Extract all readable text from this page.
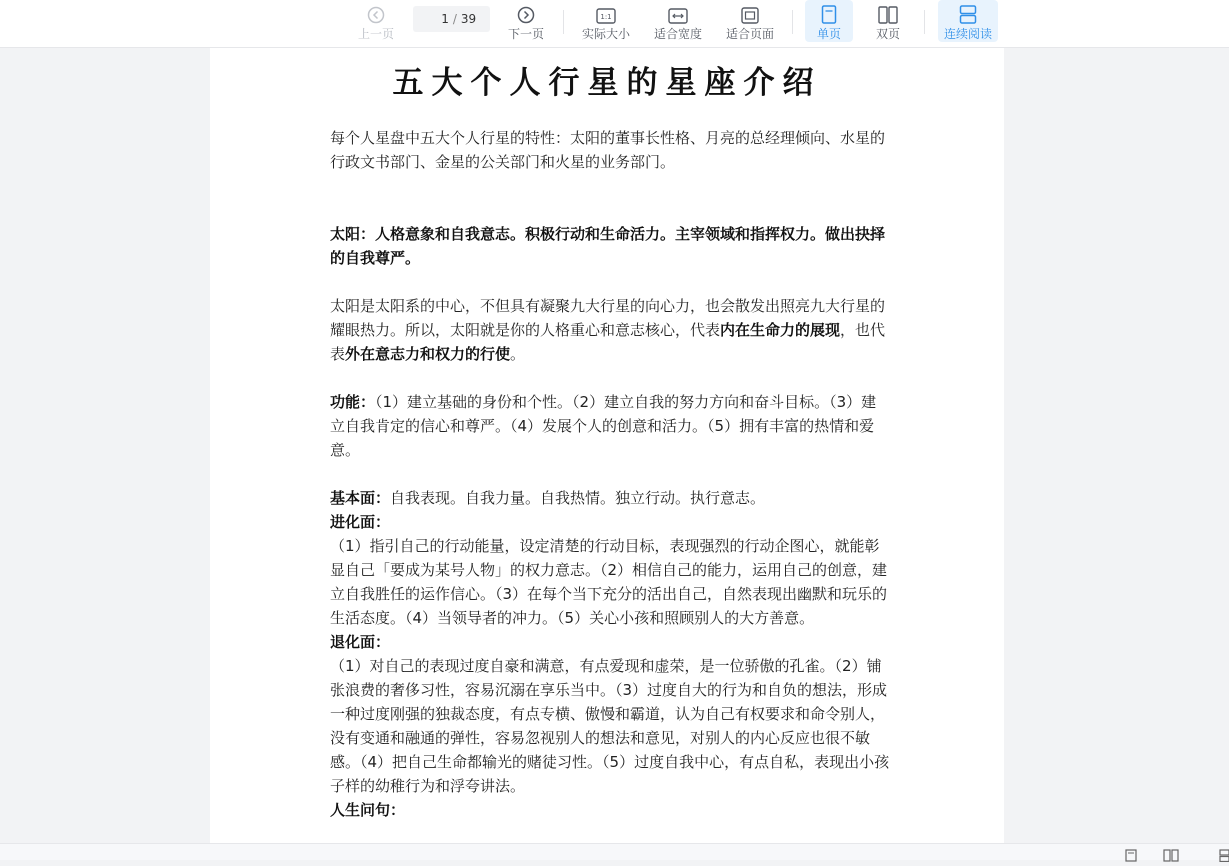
上一页
1
/ 39
下一页
1:1
实际大小 适合宽度 适合页面	单页	双页	连续阅读
五大个人行星的星座介绍

每个人星盘中五大个人行星的特性：太阳的董事长性格、月亮的总经理倾向、水星的行政文书部门、金星的公关部门和火星的业务部门。

太阳：人格意象和自我意志。积极行动和生命活力。主宰领域和指挥权力。做出抉择的自我尊严。

太阳是太阳系的中心，不但具有凝聚九大行星的向心力，也会散发出照亮九大行星的耀眼热力。所以，太阳就是你的人格重心和意志核心，代表内在生命力的展现，也代表外在意志力和权力的行使。

功能：（1）建立基础的身份和个性。（2）建立自我的努力方向和奋斗目标。（3）建立自我肯定的信心和尊严。（4）发展个人的创意和活力。（5）拥有丰富的热情和爱意。

基本面：自我表现。自我力量。自我热情。独立行动。执行意志。

进化面：

（1）指引自己的行动能量，设定清楚的行动目标，表现强烈的行动企图心，就能彰显自己「要成为某号人物」的权力意志。（2）相信自己的能力，运用自己的创意，建立自我胜任的运作信心。（3）在每个当下充分的活出自己，自然表现出幽默和玩乐的生活态度。（4）当领导者的冲力。（5）关心小孩和照顾别人的大方善意。

退化面：

（1）对自己的表现过度自豪和满意，有点爱现和虚荣，是一位骄傲的孔雀。（2）铺张浪费的奢侈习性，容易沉溺在享乐当中。（3）过度自大的行为和自负的想法，形成一种过度刚强的独裁态度，有点专横、傲慢和霸道，认为自己有权要求和命令别人，没有变通和融通的弹性，容易忽视别人的想法和意见，对别人的内心反应也很不敏感。（4）把自己生命都输光的赌徒习性。（5）过度自我中心，有点自私，表现出小孩子样的幼稚行为和浮夸讲法。

人生问句：
